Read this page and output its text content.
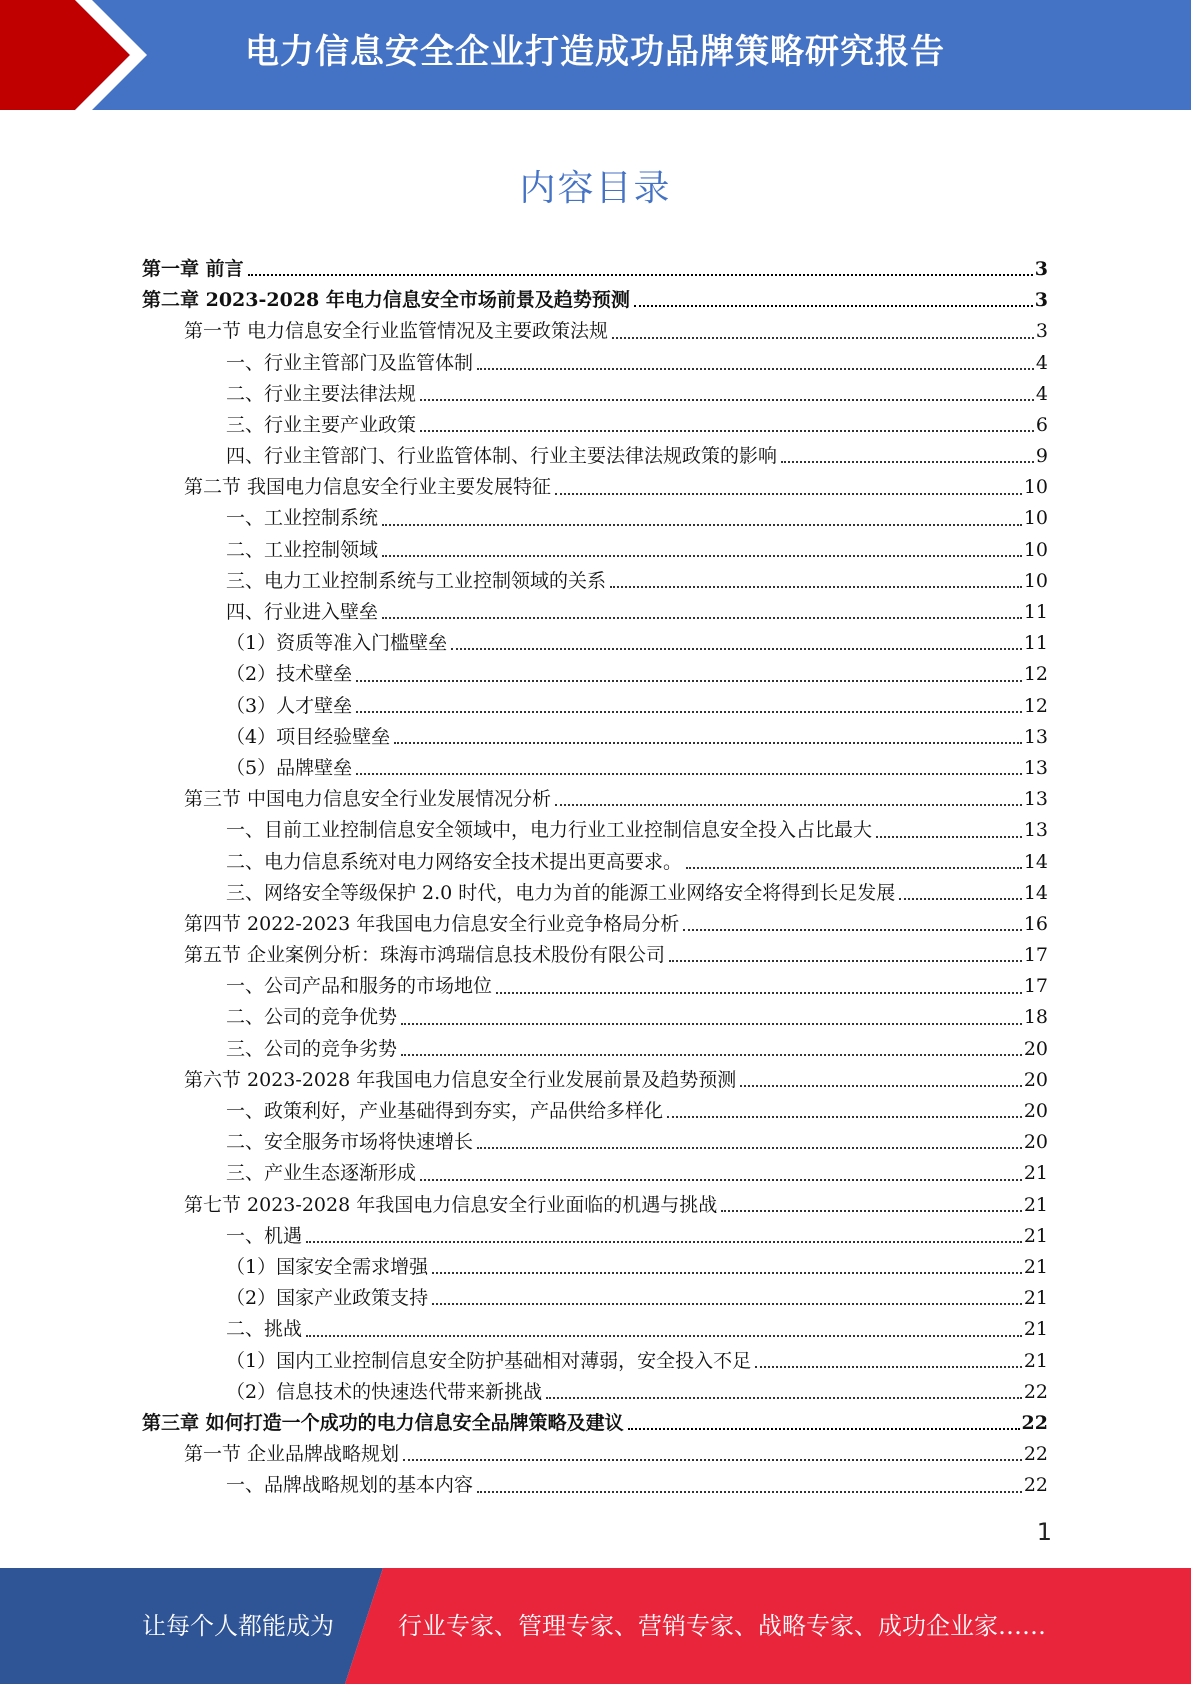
电力信息安全企业打造成功品牌策略研究报告
内容目录
第一章 前言	3
第二章 2023-2028 年电力信息安全市场前景及趋势预测	3
第一节 电力信息安全行业监管情况及主要政策法规	3
一、行业主管部门及监管体制	4
二、行业主要法律法规	4
三、行业主要产业政策	6
四、行业主管部门、行业监管体制、行业主要法律法规政策的影响	9
第二节 我国电力信息安全行业主要发展特征	10
一、工业控制系统	10
二、工业控制领域	10
三、电力工业控制系统与工业控制领域的关系	10
四、行业进入壁垒	11
（1）资质等准入门槛壁垒	11
（2）技术壁垒	12
（3）人才壁垒	12
（4）项目经验壁垒	13
（5）品牌壁垒	13
第三节 中国电力信息安全行业发展情况分析	13
一、目前工业控制信息安全领域中，电力行业工业控制信息安全投入占比最大	13
二、电力信息系统对电力网络安全技术提出更高要求。	14
三、网络安全等级保护 2.0 时代，电力为首的能源工业网络安全将得到长足发展	14
第四节 2022-2023 年我国电力信息安全行业竞争格局分析	16
第五节 企业案例分析：珠海市鸿瑞信息技术股份有限公司	17
一、公司产品和服务的市场地位	17
二、公司的竞争优势	18
三、公司的竞争劣势	20
第六节 2023-2028 年我国电力信息安全行业发展前景及趋势预测	20
一、政策利好，产业基础得到夯实，产品供给多样化	20
二、安全服务市场将快速增长	20
三、产业生态逐渐形成	21
第七节 2023-2028 年我国电力信息安全行业面临的机遇与挑战	21
一、机遇	21
（1）国家安全需求增强	21
（2）国家产业政策支持	21
二、挑战	21
（1）国内工业控制信息安全防护基础相对薄弱，安全投入不足	21
（2）信息技术的快速迭代带来新挑战	22
第三章 如何打造一个成功的电力信息安全品牌策略及建议	22
第一节 企业品牌战略规划	22
一、品牌战略规划的基本内容	22
1
让每个人都能成为	行业专家、管理专家、营销专家、战略专家、成功企业家……
